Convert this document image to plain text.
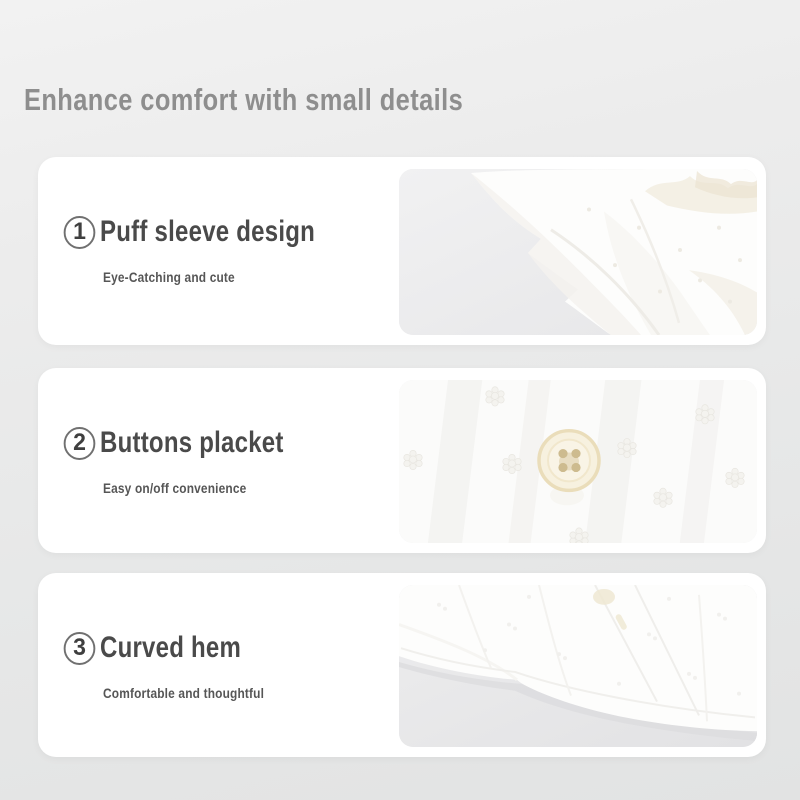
Enhance comfort with small details
1 Puff sleeve design
Eye-Catching and cute
2 Buttons placket
Easy on/off convenience
3 Curved hem
Comfortable and thoughtful
